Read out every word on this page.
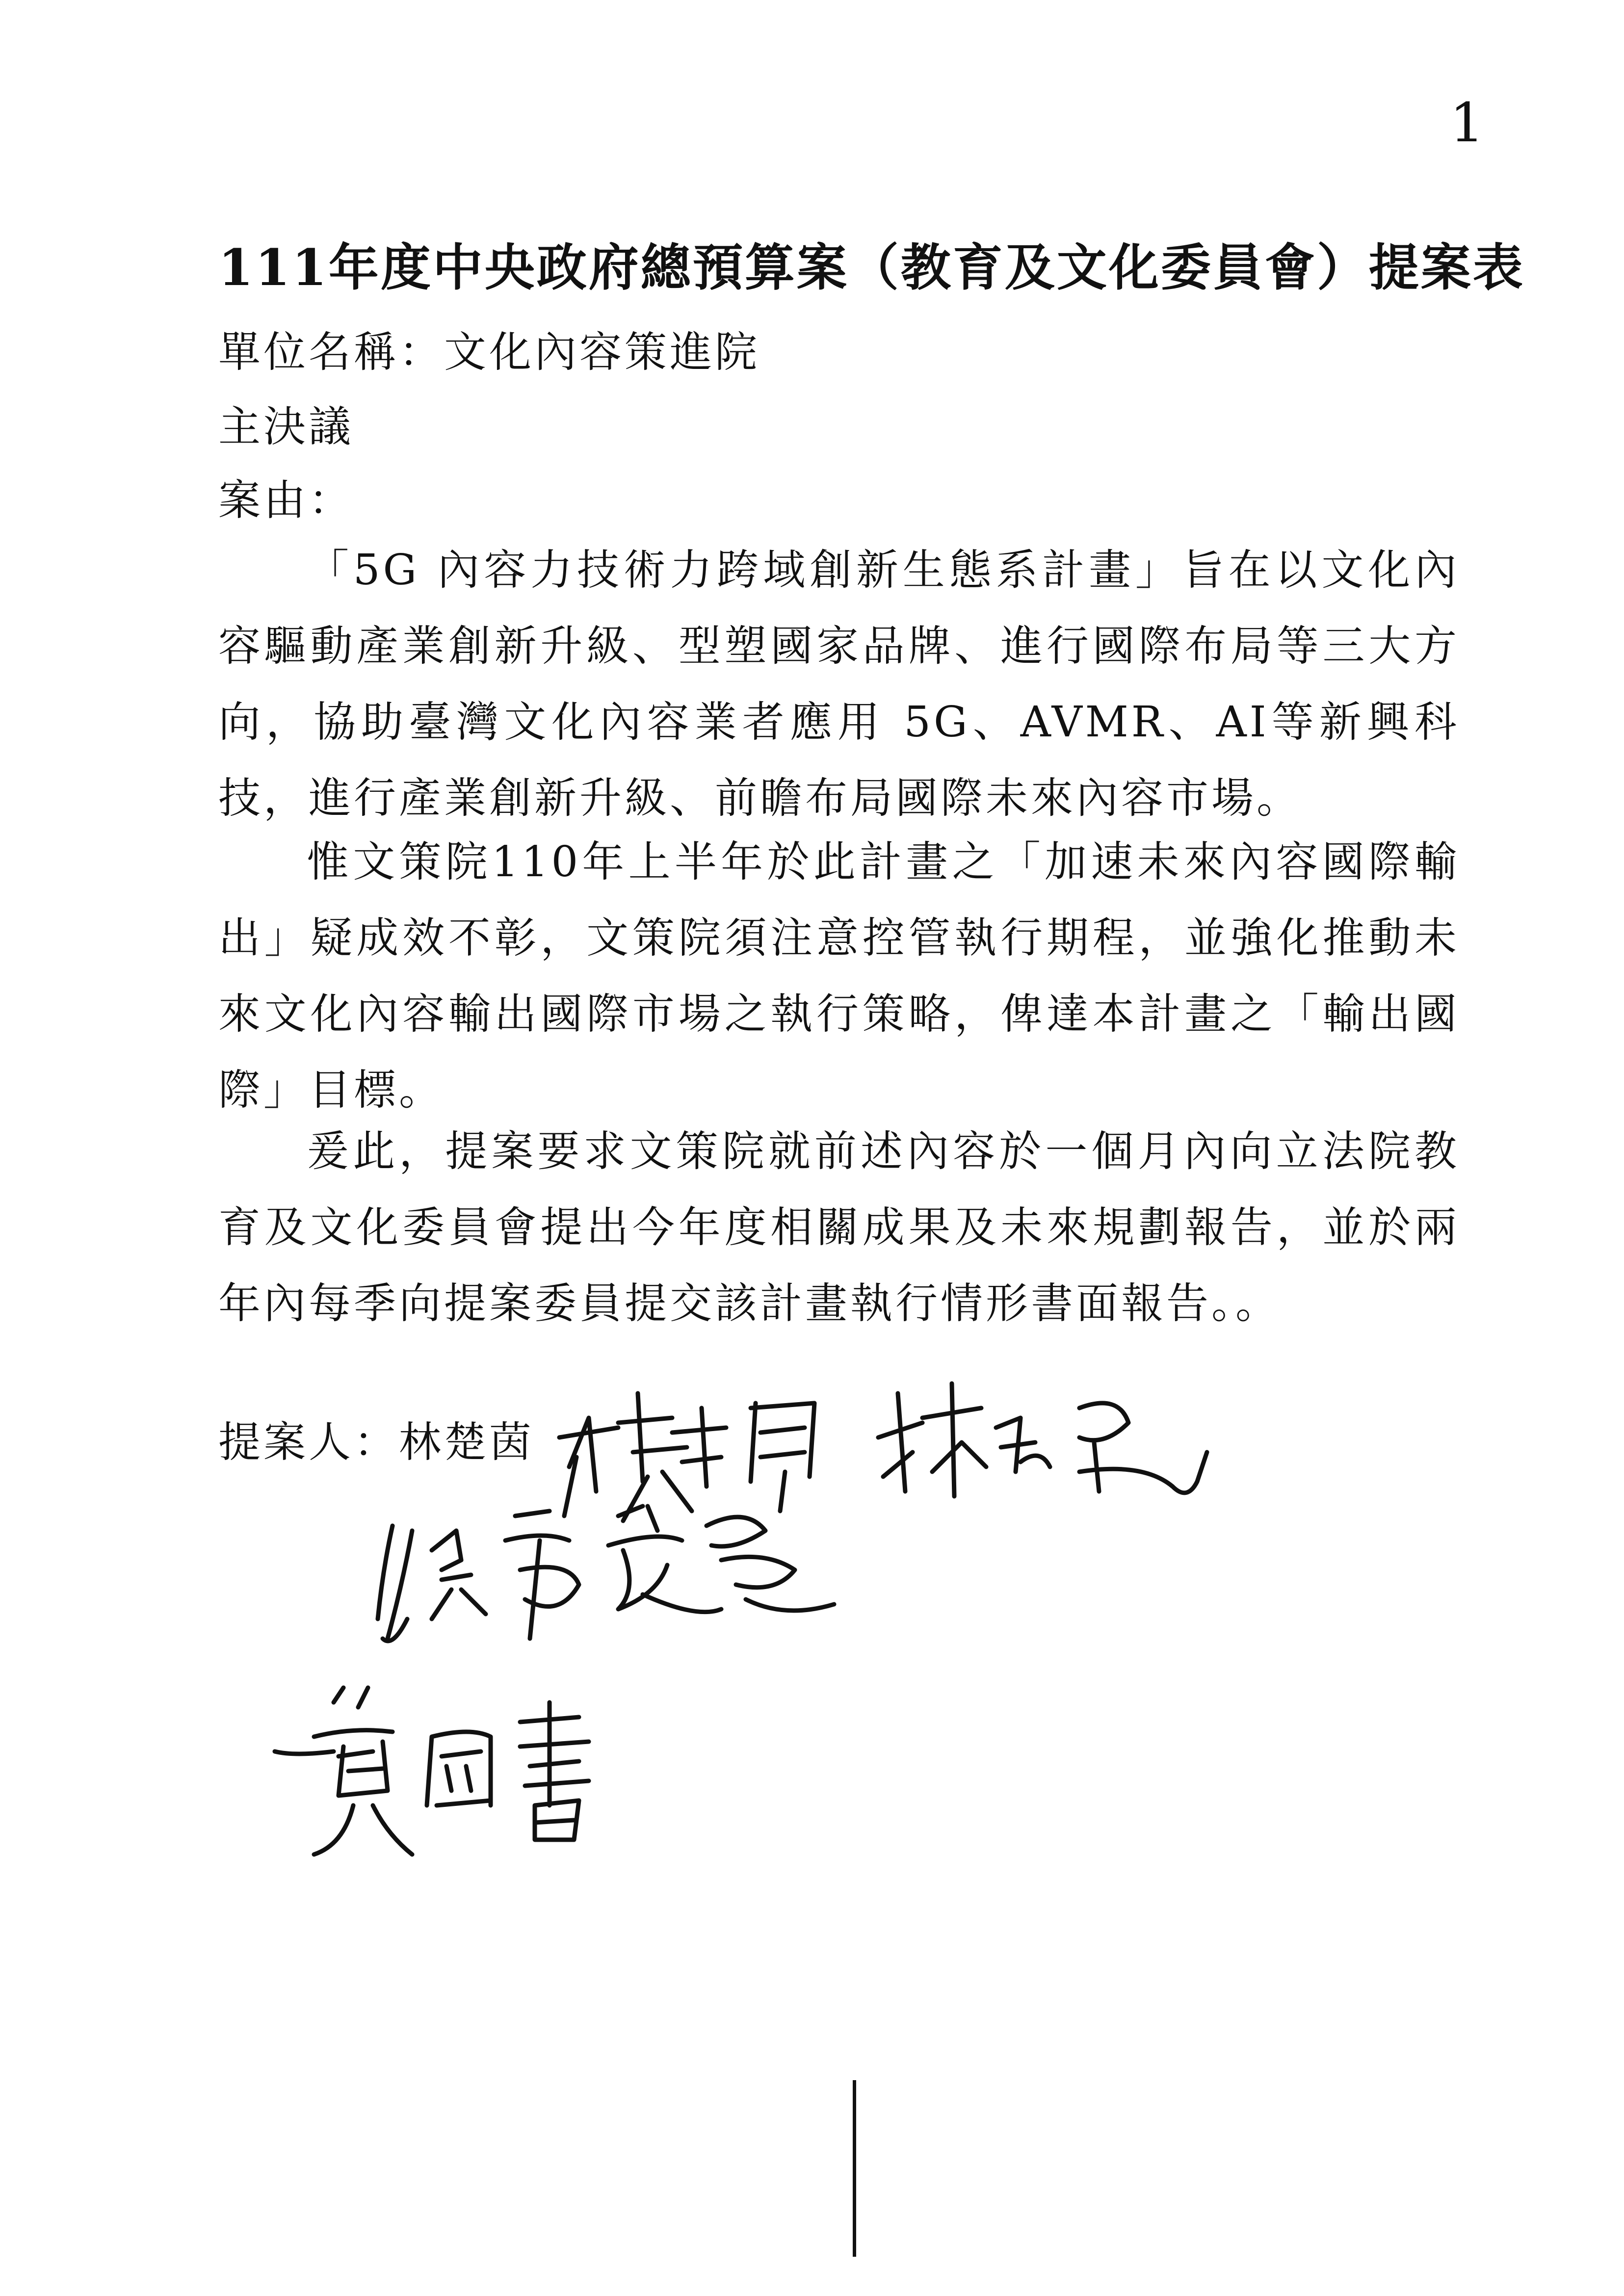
1
111年度中央政府總預算案（教育及文化委員會）提案表
單位名稱：文化內容策進院
主決議
案由：
「5G 內容力技術力跨域創新生態系計畫」旨在以文化內容驅動產業創新升級、型塑國家品牌、進行國際布局等三大方向，協助臺灣文化內容業者應用 5G、AVMR、AI等新興科技，進行產業創新升級、前瞻布局國際未來內容市場。
惟文策院110年上半年於此計畫之「加速未來內容國際輸出」疑成效不彰，文策院須注意控管執行期程，並強化推動未來文化內容輸出國際市場之執行策略，俾達本計畫之「輸出國際」目標。
爰此，提案要求文策院就前述內容於一個月內向立法院教育及文化委員會提出今年度相關成果及未來規劃報告，並於兩年內每季向提案委員提交該計畫執行情形書面報告。。
提案人：林楚茵
